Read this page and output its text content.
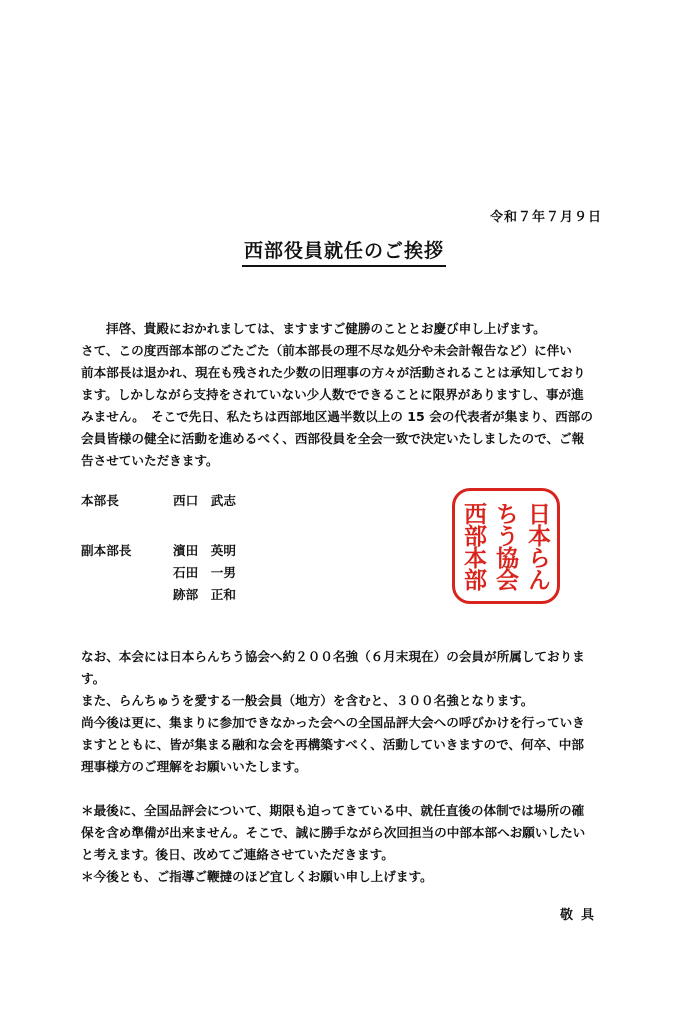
令和７年７月９日
西部役員就任のご挨拶

拝啓、貴殿におかれましては、ますますご健勝のこととお慶び申し上げます。

さて、この度西部本部のごたごた（前本部長の理不尽な処分や未会計報告など）に伴い

前本部長は退かれ、現在も残された少数の旧理事の方々が活動されることは承知しており

ます。しかしながら支持をされていない少人数でできることに限界がありますし、事が進

みません。　そこで先日、私たちは西部地区過半数以上の 15 会の代表者が集まり、西部の

会員皆様の健全に活動を進めるべく、西部役員を全会一致で決定いたしましたので、ご報

告させていただきます。

本部長	西口　武志
副本部長	濱田　英明
石田　一男
跡部　正和
日本らん
ちう協会
西部本部

なお、本会には日本らんちう協会へ約２００名強（６月末現在）の会員が所属しておりま

す。

また、らんちゅうを愛する一般会員（地方）を含むと、３００名強となります。

尚今後は更に、集まりに参加できなかった会への全国品評大会への呼びかけを行っていき

ますとともに、皆が集まる融和な会を再構築すべく、活動していきますので、何卒、中部

理事様方のご理解をお願いいたします。

＊最後に、全国品評会について、期限も迫ってきている中、就任直後の体制では場所の確

保を含め準備が出来ません。そこで、誠に勝手ながら次回担当の中部本部へお願いしたい

と考えます。後日、改めてご連絡させていただきます。

＊今後とも、ご指導ご鞭撻のほど宜しくお願い申し上げます。

敬具
